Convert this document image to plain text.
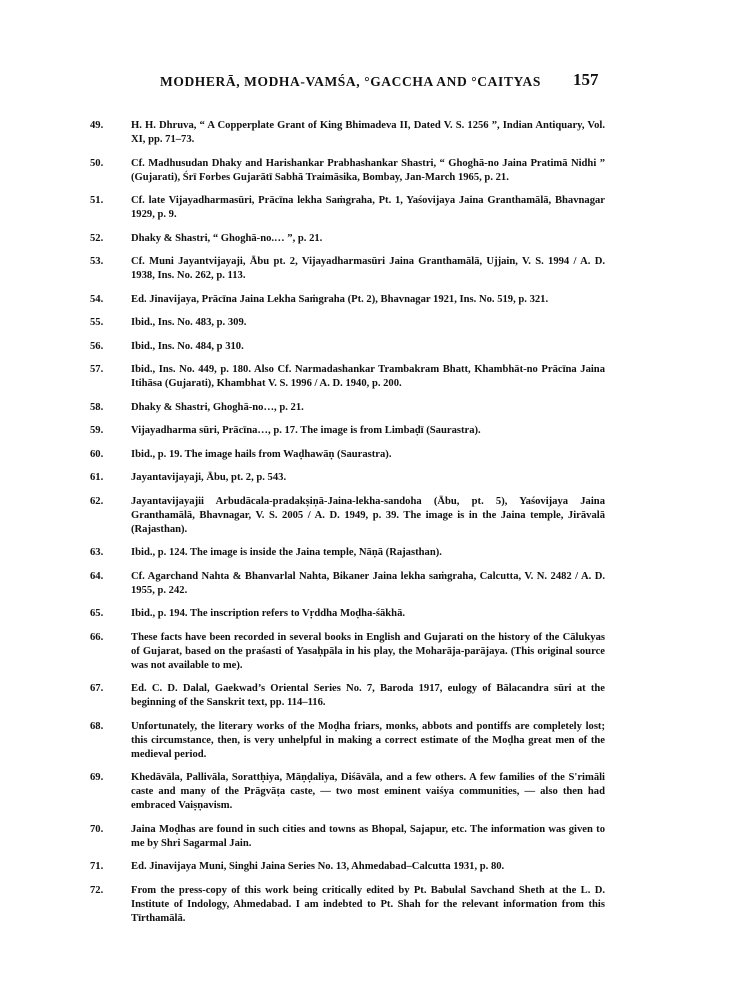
MODHERĀ, MODHA-VAMŚA, °GACCHA AND °CAITYAS 157
49.	H. H. Dhruva, “ A Copperplate Grant of King Bhimadeva II, Dated V. S. 1256 ”, Indian Antiquary, Vol. XI, pp. 71–73.
50.	Cf. Madhusudan Dhaky and Harishankar Prabhashankar Shastri, “ Ghoghā-no Jaina Pratimā Nidhi ” (Gujarati), Śrī Forbes Gujarātī Sabhā Traimāsika, Bombay, Jan-March 1965, p. 21.
51.	Cf. late Vijayadharmasūri, Prācīna lekha Saṁgraha, Pt. 1, Yaśovijaya Jaina Granthamālā, Bhavnagar 1929, p. 9.
52.	Dhaky & Shastri, “ Ghoghā-no.… ”, p. 21.
53.	Cf. Muni Jayantvijayaji, Ābu pt. 2, Vijayadharmasūri Jaina Granthamālā, Ujjain, V. S. 1994 / A. D. 1938, Ins. No. 262, p. 113.
54.	Ed. Jinavijaya, Prācīna Jaina Lekha Saṁgraha (Pt. 2), Bhavnagar 1921, Ins. No. 519, p. 321.
55.	Ibid., Ins. No. 483, p. 309.
56.	Ibid., Ins. No. 484, p 310.
57.	Ibid., Ins. No. 449, p. 180. Also Cf. Narmadashankar Trambakram Bhatt, Khambhāt-no Prācīna Jaina Itihāsa (Gujarati), Khambhat V. S. 1996 / A. D. 1940, p. 200.
58.	Dhaky & Shastri, Ghoghā-no…, p. 21.
59.	Vijayadharma sūri, Prācīna…, p. 17. The image is from Limbaḍī (Saurastra).
60.	Ibid., p. 19. The image hails from Waḍhawāṇ (Saurastra).
61.	Jayantavijayaji, Ābu, pt. 2, p. 543.
62.	Jayantavijayajii Arbudācala-pradakṣiṇā-Jaina-lekha-sandoha (Ābu, pt. 5), Yaśovijaya Jaina Granthamālā, Bhavnagar, V. S. 2005 / A. D. 1949, p. 39. The image is in the Jaina temple, Jirāvalā (Rajasthan).
63.	Ibid., p. 124. The image is inside the Jaina temple, Nāṇā (Rajasthan).
64.	Cf. Agarchand Nahta & Bhanvarlal Nahta, Bikaner Jaina lekha saṁgraha, Calcutta, V. N. 2482 / A. D. 1955, p. 242.
65.	Ibid., p. 194. The inscription refers to Vṛddha Moḍha-śākhā.
66.	These facts have been recorded in several books in English and Gujarati on the history of the Cālukyas of Gujarat, based on the praśasti of Yasaḥpāla in his play, the Moharāja-parājaya. (This original source was not available to me).
67.	Ed. C. D. Dalal, Gaekwad’s Oriental Series No. 7, Baroda 1917, eulogy of Bālacandra sūri at the beginning of the Sanskrit text, pp. 114–116.
68.	Unfortunately, the literary works of the Moḍha friars, monks, abbots and pontiffs are completely lost; this circumstance, then, is very unhelpful in making a correct estimate of the Moḍha great men of the medieval period.
69.	Khedāvāla, Pallivāla, Sorattḥiya, Māṇḍaliya, Diśāvāla, and a few others. A few families of the S'rimāli caste and many of the Prāgvāṭa caste, — two most eminent vaiśya communities, — also then had embraced Vaiṣṇavism.
70.	Jaina Moḍhas are found in such cities and towns as Bhopal, Sajapur, etc. The information was given to me by Shri Sagarmal Jain.
71.	Ed. Jinavijaya Muni, Singhi Jaina Series No. 13, Ahmedabad–Calcutta 1931, p. 80.
72.	From the press-copy of this work being critically edited by Pt. Babulal Savchand Sheth at the L. D. Institute of Indology, Ahmedabad. I am indebted to Pt. Shah for the relevant information from this Tīrthamālā.
